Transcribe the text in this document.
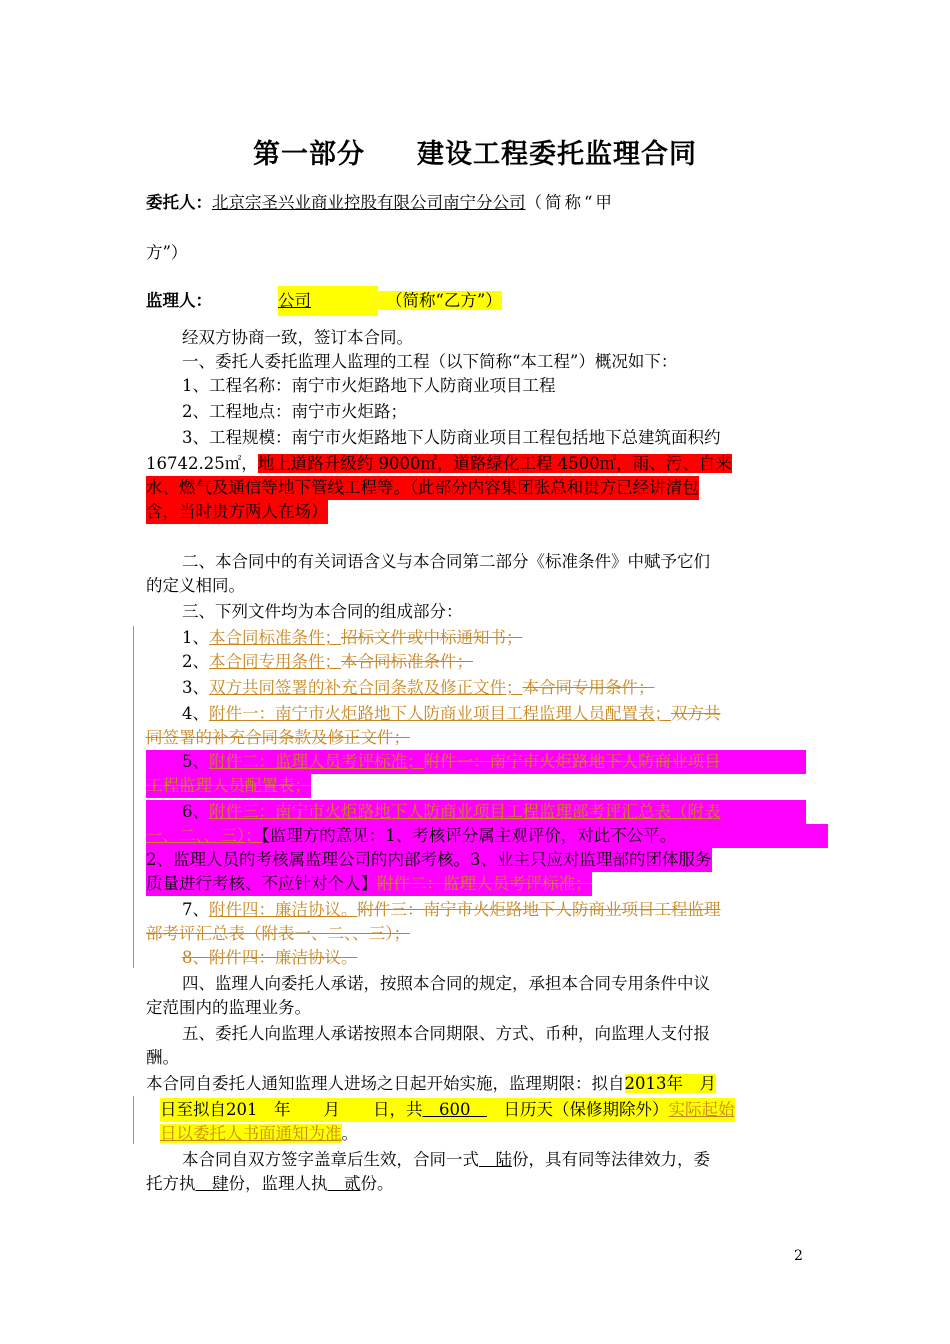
第一部分 建设工程委托监理合同
委托人：北京宗圣兴业商业控股有限公司南宁分公司（简称“甲
方”）
监理人：	公司	（简称“乙方”）
经双方协商一致，签订本合同。
一、委托人委托监理人监理的工程（以下简称“本工程”）概况如下：
1、工程名称：南宁市火炬路地下人防商业项目工程
2、工程地点：南宁市火炬路；
3、工程规模：南宁市火炬路地下人防商业项目工程包括地下总建筑面积约
16742.25㎡，地上道路升级约 9000㎡，道路绿化工程 4500㎡，雨、污、自来
水、燃气及通信等地下管线工程等。（此部分内容集团张总和贵方已经讲清包
含，当时贵方两人在场）
二、本合同中的有关词语含义与本合同第二部分《标准条件》中赋予它们
的定义相同。
三、下列文件均为本合同的组成部分：
1、本合同标准条件；招标文件或中标通知书；
2、本合同专用条件；本合同标准条件；
3、双方共同签署的补充合同条款及修正文件；本合同专用条件；
4、附件一：南宁市火炬路地下人防商业项目工程监理人员配置表；双方共
同签署的补充合同条款及修正文件；
5、附件二：监理人员考评标准；附件一：南宁市火炬路地下人防商业项目
工程监理人员配置表；
6、附件三：南宁市火炬路地下人防商业项目工程监理部考评汇总表（附表
一、二、、三）；【监理方的意见：1、考核评分属主观评价，对此不公平。
2、监理人员的考核属监理公司的内部考核。3、业主只应对监理部的团体服务
质量进行考核、不应针对个人】附件二：监理人员考评标准；
7、附件四：廉洁协议。附件三：南宁市火炬路地下人防商业项目工程监理
部考评汇总表（附表一、二、、三）；
8、附件四：廉洁协议。
四、监理人向委托人承诺，按照本合同的规定，承担本合同专用条件中议
定范围内的监理业务。
五、委托人向监理人承诺按照本合同期限、方式、币种，向监理人支付报
酬。
本合同自委托人通知监理人进场之日起开始实施，监理期限：拟自2013年　月
日至拟自201　年　　月　　日，共　600　　日历天（保修期除外）实际起始
日以委托人书面通知为准。
本合同自双方签字盖章后生效，合同一式　陆份，具有同等法律效力，委
托方执　肆份，监理人执　贰份。
2
